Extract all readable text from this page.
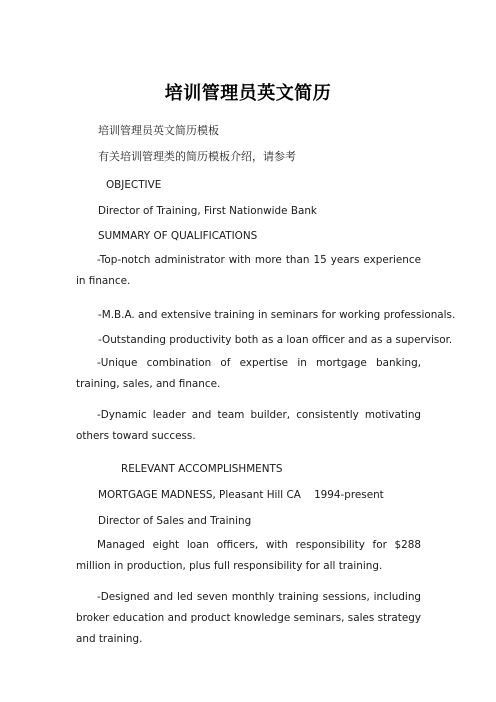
培训管理员英文简历
培训管理员英文简历模板
有关培训管理类的简历模板介绍，请参考
OBJECTIVE
Director of Training, First Nationwide Bank
SUMMARY OF QUALIFICATIONS
-Top-notch administrator with more than 15 years experience in finance.
-M.B.A. and extensive training in seminars for working professionals.
-Outstanding productivity both as a loan officer and as a supervisor.
-Unique combination of expertise in mortgage banking, training, sales, and finance.
-Dynamic leader and team builder, consistently motivating others toward success.
RELEVANT ACCOMPLISHMENTS
MORTGAGE MADNESS, Pleasant Hill CA    1994-present
Director of Sales and Training
Managed eight loan officers, with responsibility for $288 million in production, plus full responsibility for all training.
-Designed and led seven monthly training sessions, including broker education and product knowledge seminars, sales strategy and training.
